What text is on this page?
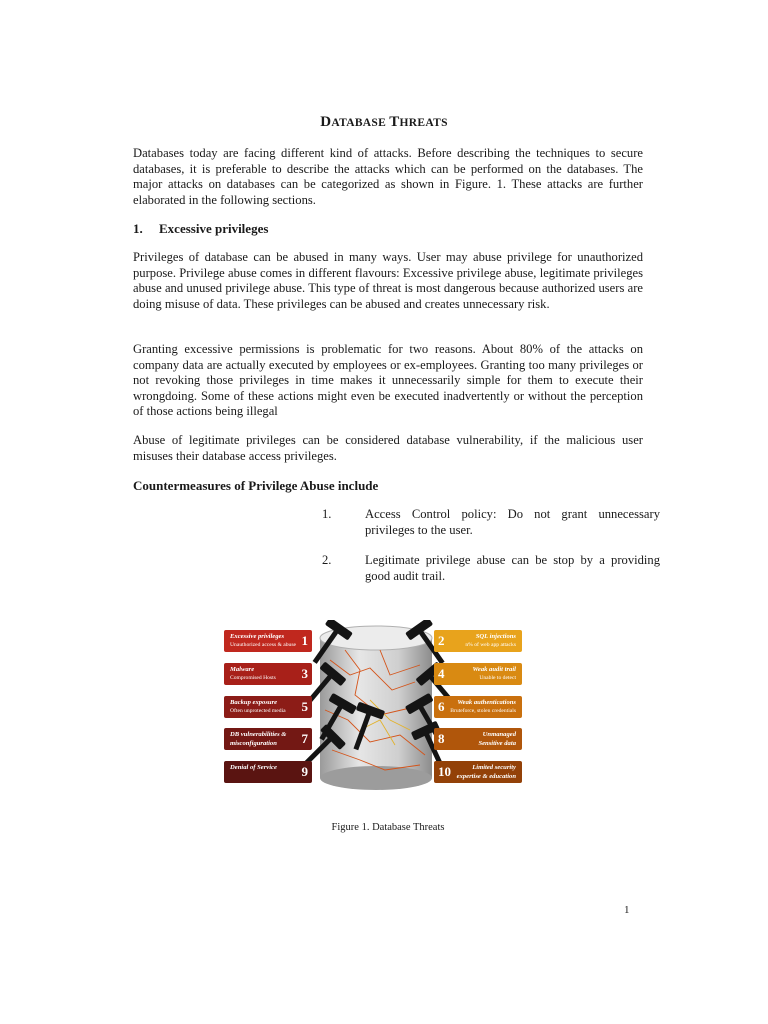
DATABASE THREATS

Databases today are facing different kind of attacks. Before describing the techniques to secure databases, it is preferable to describe the attacks which can be performed on the databases. The major attacks on databases can be categorized as shown in Figure. 1. These attacks are further elaborated in the following sections.

1. Excessive privileges

Privileges of database can be abused in many ways. User may abuse privilege for unauthorized purpose. Privilege abuse comes in different flavours: Excessive privilege abuse, legitimate privileges abuse and unused privilege abuse. This type of threat is most dangerous because authorized users are doing misuse of data. These privileges can be abused and creates unnecessary risk.

Granting excessive permissions is problematic for two reasons. About 80% of the attacks on company data are actually executed by employees or ex-employees. Granting too many privileges or not revoking those privileges in time makes it unnecessarily simple for them to execute their wrongdoing. Some of these actions might even be executed inadvertently or without the perception of those actions being illegal

Abuse of legitimate privileges can be considered database vulnerability, if the malicious user misuses their database access privileges.

Countermeasures of Privilege Abuse include
1.	Access Control policy: Do not grant unnecessary privileges to the user.
2.	Legitimate privilege abuse can be stop by a providing good audit trail.
Excessive privileges
Unauthorized access & abuse 1
Malware
Compromised Hosts 3
Backup exposure
Often unprotected media 5
DB vulnerabilities &
misconfiguration 7
Denial of Service 9
2	SQL injections
n% of web app attacks
4	Weak audit trail
Unable to detect
6 Weak authentications
Bruteforce, stolen credentials
8	Unmanaged
Sensitive data
10	Limited security
expertise & education
Figure 1. Database Threats
1
